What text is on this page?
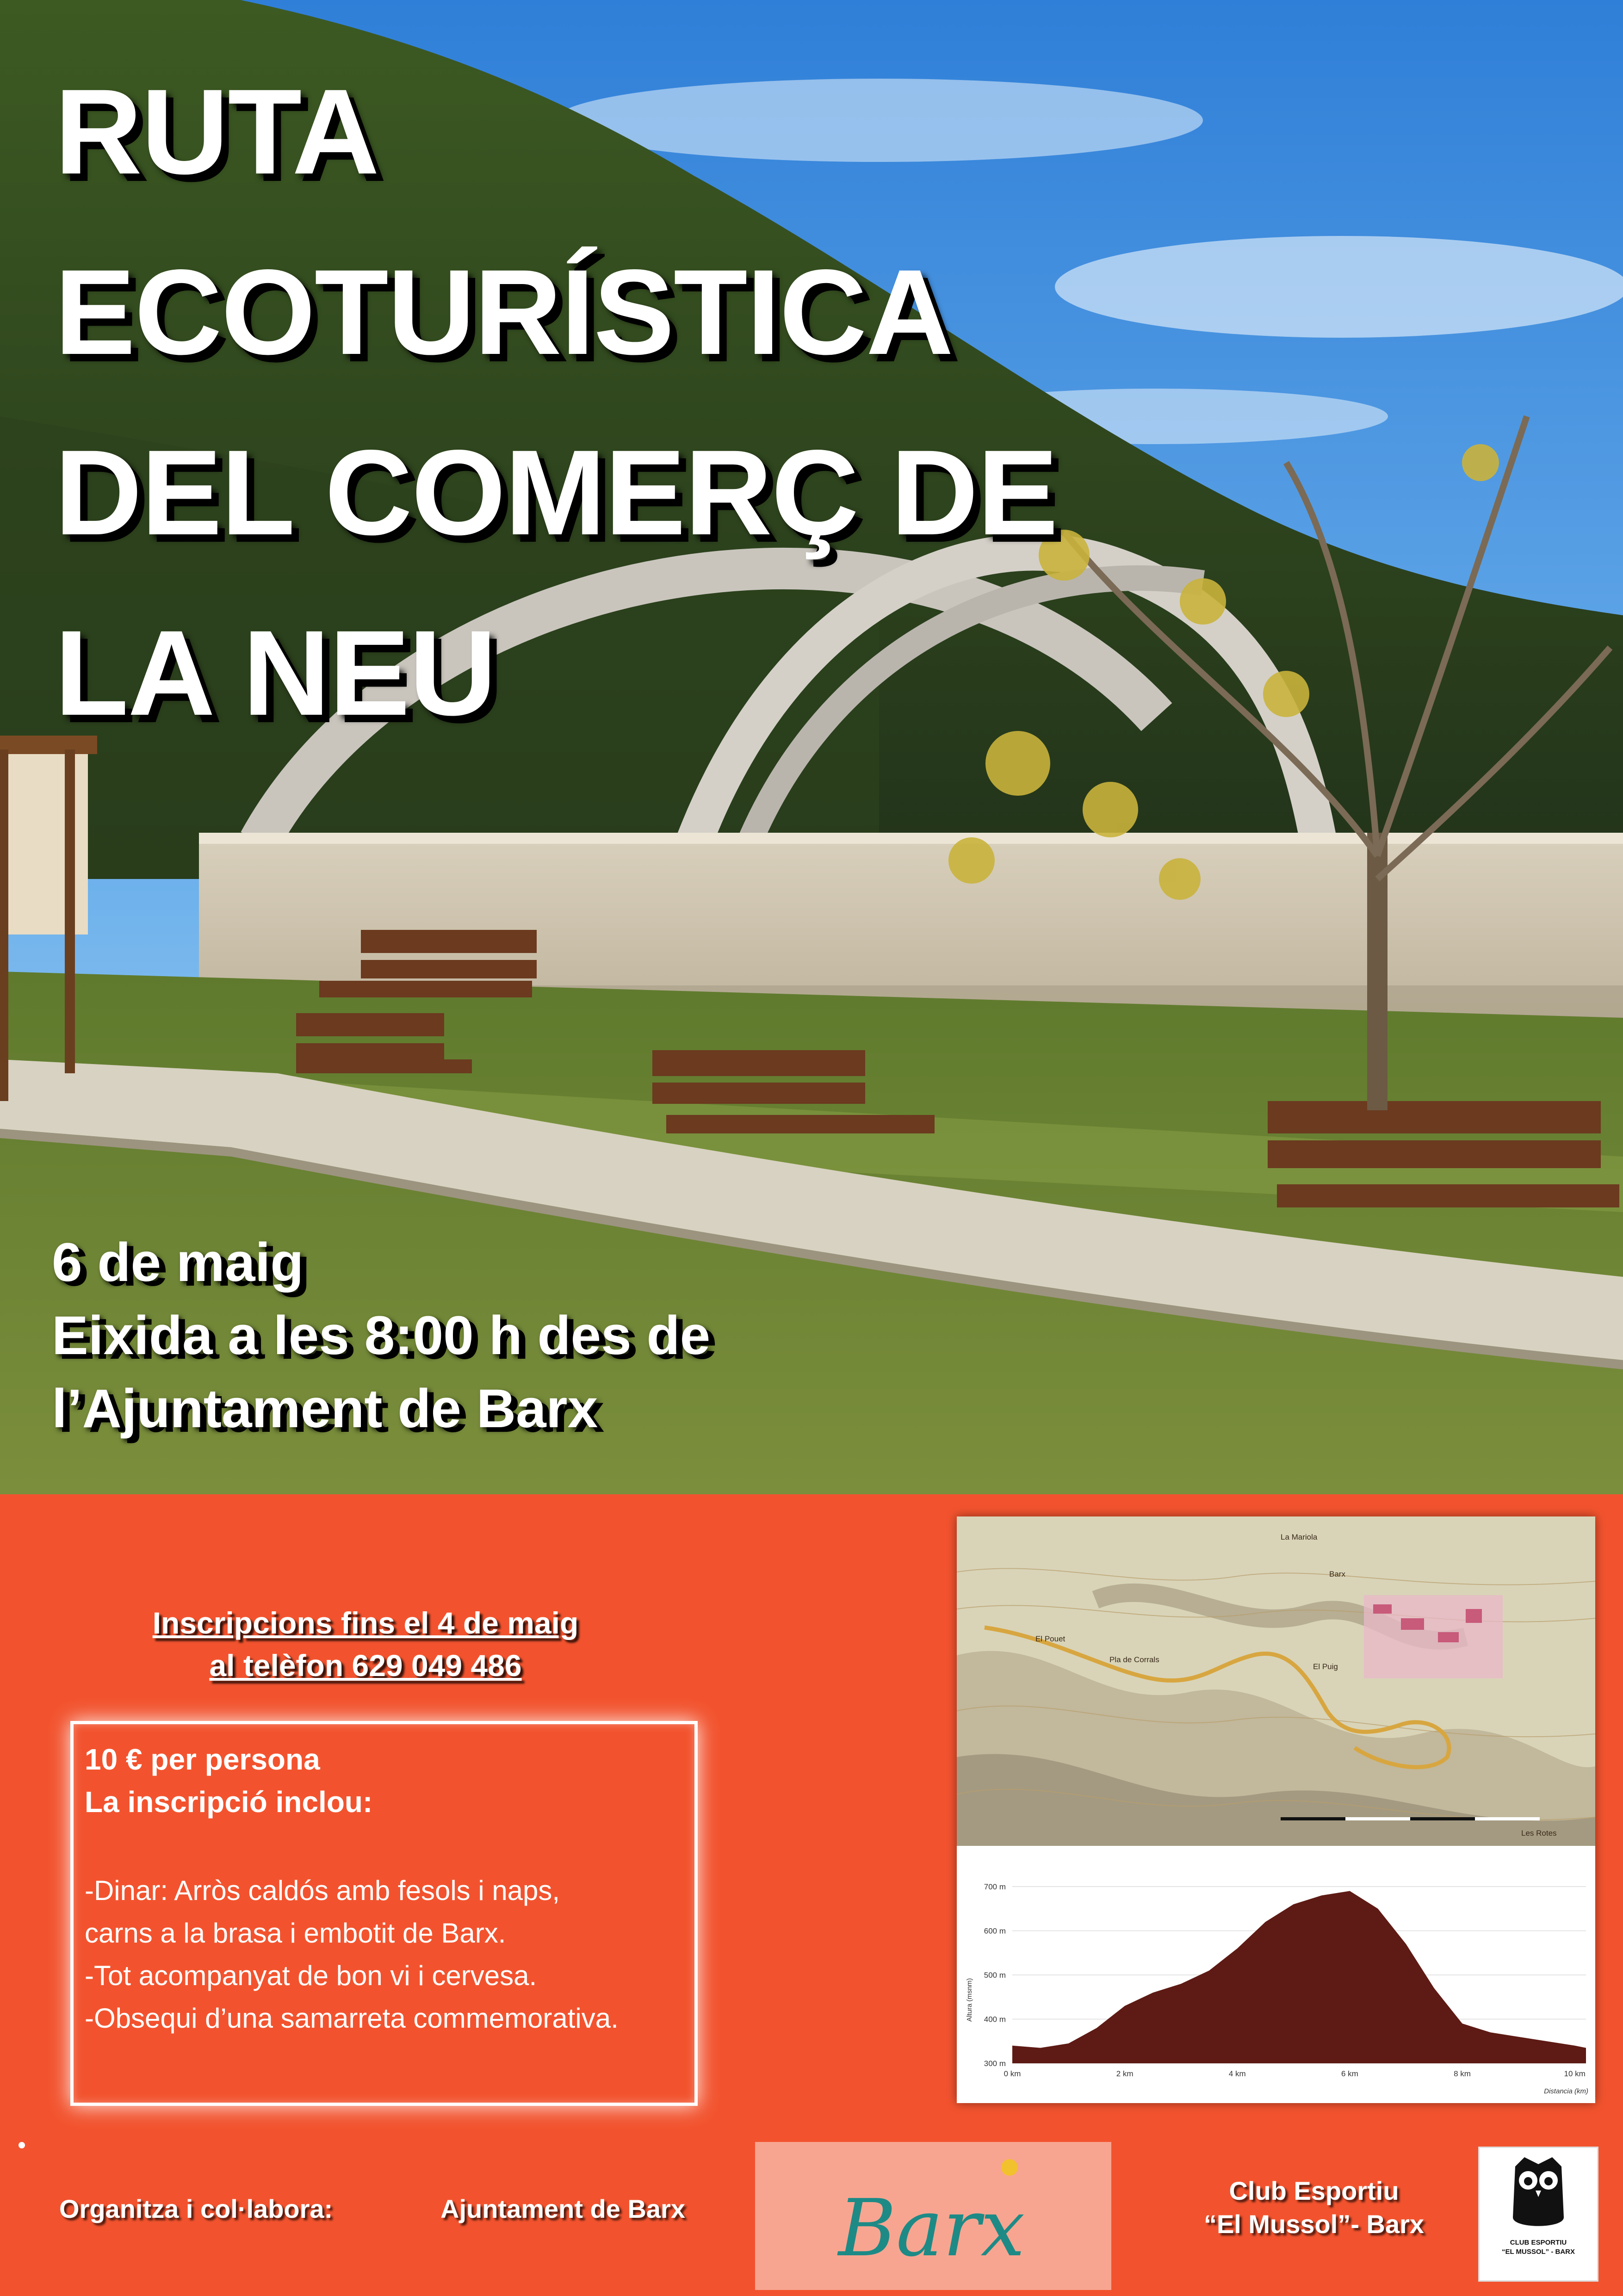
RUTA
ECOTURÍSTICA
DEL COMERÇ DE
LA NEU
6 de maig
Eixida a les 8:00 h des de
l’Ajuntament de Barx
Inscripcions fins el 4 de maig
al telèfon 629 049 486
10 € per persona
La inscripció inclou:
-Dinar: Arròs caldós amb fesols i naps,
carns a la brasa i embotit de Barx.
-Tot acompanyat de bon vi i cervesa.
-Obsequi d’una samarreta commemorativa.
La Mariola
Barx
El Puig
Pla de Corrals
El Pouet
Les Rotes
700 m
600 m
500 m
400 m
300 m
0 km	2 km	4 km	6 km	8 km	10 km
Altura (msnm)
Distancia (km)
Organitza i col·labora:	Ajuntament de Barx Barx	Club Esportiu
“El Mussol”- Barx
CLUB ESPORTIU
“EL MUSSOL” - BARX
